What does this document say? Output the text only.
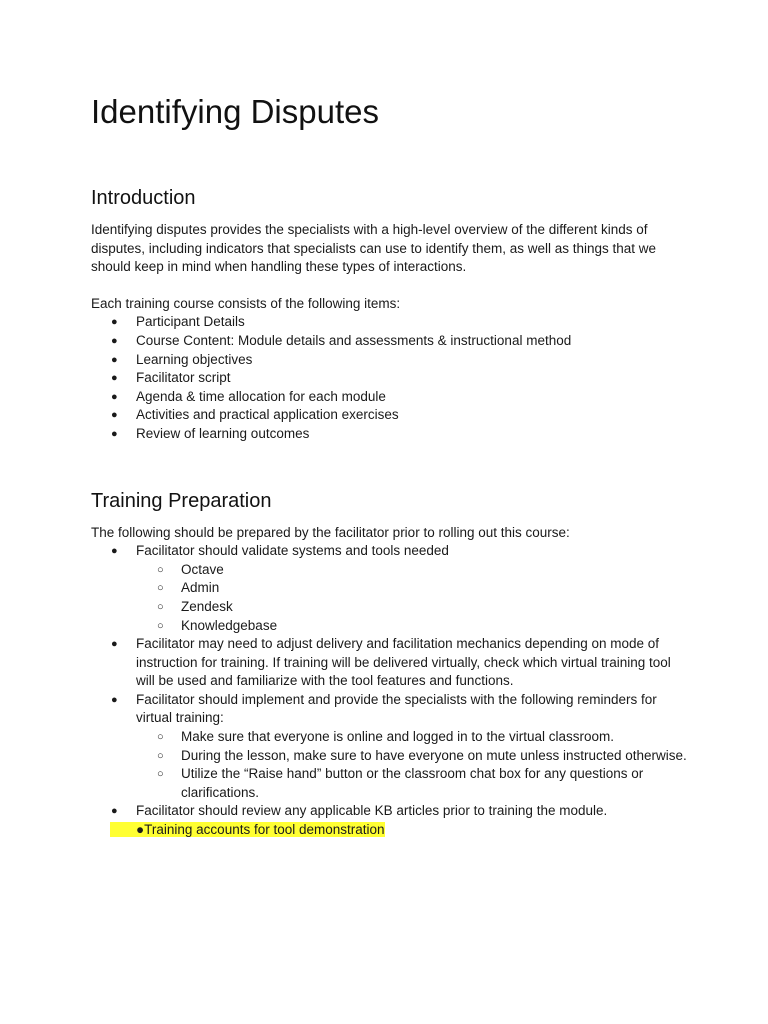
Identifying Disputes
Introduction

Identifying disputes provides the specialists with a high-level overview of the different kinds of disputes, including indicators that specialists can use to identify them, as well as things that we should keep in mind when handling these types of interactions.

Each training course consists of the following items:

● Participant Details
● Course Content: Module details and assessments & instructional method
● Learning objectives
● Facilitator script
● Agenda & time allocation for each module
● Activities and practical application exercises
● Review of learning outcomes
Training Preparation

The following should be prepared by the facilitator prior to rolling out this course:

● Facilitator should validate systems and tools needed
○ Octave
○ Admin
○ Zendesk
○ Knowledgebase
● Facilitator may need to adjust delivery and facilitation mechanics depending on mode of instruction for training. If training will be delivered virtually, check which virtual training tool will be used and familiarize with the tool features and functions.
● Facilitator should implement and provide the specialists with the following reminders for virtual training:
○ Make sure that everyone is online and logged in to the virtual classroom.
○ During the lesson, make sure to have everyone on mute unless instructed otherwise.
○ Utilize the “Raise hand” button or the classroom chat box for any questions or clarifications.
● Facilitator should review any applicable KB articles prior to training the module.
●Training accounts for tool demonstration
